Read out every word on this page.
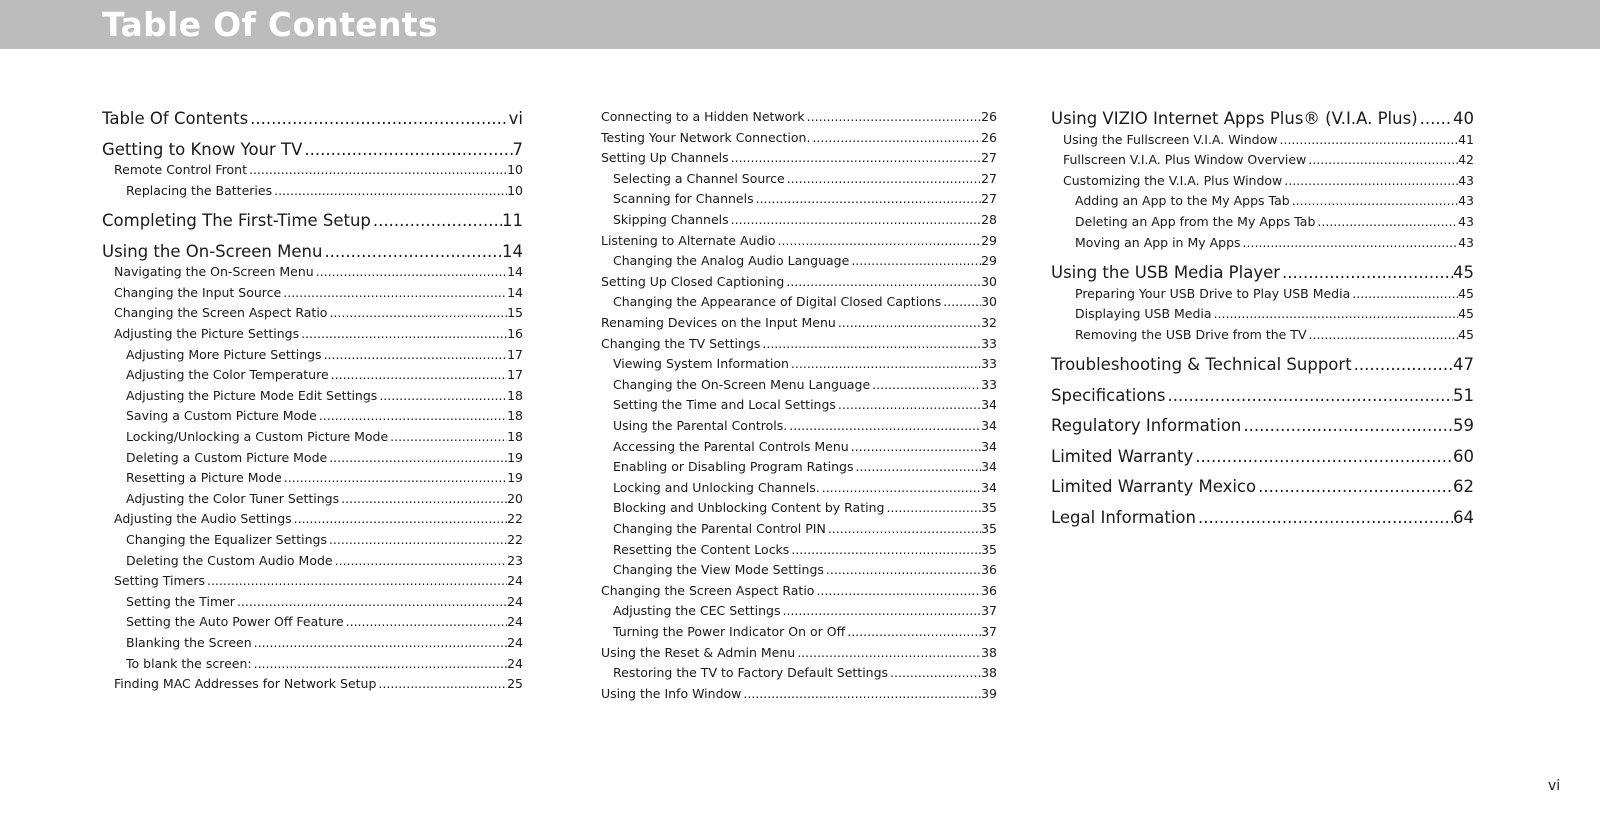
Table Of Contents
Table Of Contents .....	vi
Getting to Know Your TV .....	7
Remote Control Front .....	10
Replacing the Batteries .....	10
Completing The First-Time Setup .....	11
Using the On-Screen Menu .....	14
Navigating the On-Screen Menu .....	14
Changing the Input Source .....	14
Changing the Screen Aspect Ratio .....	15
Adjusting the Picture Settings .....	16
Adjusting More Picture Settings .....	17
Adjusting the Color Temperature .....	17
Adjusting the Picture Mode Edit Settings .....	18
Saving a Custom Picture Mode .....	18
Locking/Unlocking a Custom Picture Mode .....	18
Deleting a Custom Picture Mode .....	19
Resetting a Picture Mode .....	19
Adjusting the Color Tuner Settings .....	20
Adjusting the Audio Settings .....	22
Changing the Equalizer Settings .....	22
Deleting the Custom Audio Mode .....	23
Setting Timers .....	24
Setting the Timer .....	24
Setting the Auto Power Off Feature .....	24
Blanking the Screen .....	24
To blank the screen: .....	24
Finding MAC Addresses for Network Setup .....	25
Connecting to a Hidden Network .....	26
Testing Your Network Connection. .....	26
Setting Up Channels .....	27
Selecting a Channel Source .....	27
Scanning for Channels .....	27
Skipping Channels .....	28
Listening to Alternate Audio .....	29
Changing the Analog Audio Language .....	29
Setting Up Closed Captioning .....	30
Changing the Appearance of Digital Closed Captions .....	30
Renaming Devices on the Input Menu .....	32
Changing the TV Settings .....	33
Viewing System Information .....	33
Changing the On-Screen Menu Language .....	33
Setting the Time and Local Settings .....	34
Using the Parental Controls. .....	34
Accessing the Parental Controls Menu .....	34
Enabling or Disabling Program Ratings .....	34
Locking and Unlocking Channels. .....	34
Blocking and Unblocking Content by Rating .....	35
Changing the Parental Control PIN .....	35
Resetting the Content Locks .....	35
Changing the View Mode Settings .....	36
Changing the Screen Aspect Ratio .....	36
Adjusting the CEC Settings .....	37
Turning the Power Indicator On or Off .....	37
Using the Reset & Admin Menu .....	38
Restoring the TV to Factory Default Settings .....	38
Using the Info Window .....	39
Using VIZIO Internet Apps Plus® (V.I.A. Plus) ..... 40
Using the Fullscreen V.I.A. Window .....	41
Fullscreen V.I.A. Plus Window Overview .....	42
Customizing the V.I.A. Plus Window .....	43
Adding an App to the My Apps Tab .....	43
Deleting an App from the My Apps Tab .....	43
Moving an App in My Apps .....	43
Using the USB Media Player .....	45
Preparing Your USB Drive to Play USB Media .....	45
Displaying USB Media .....	45
Removing the USB Drive from the TV .....	45
Troubleshooting & Technical Support .....	47
Specifications .....	51
Regulatory Information .....	59
Limited Warranty .....	60
Limited Warranty Mexico .....	62
Legal Information .....	64
vi
